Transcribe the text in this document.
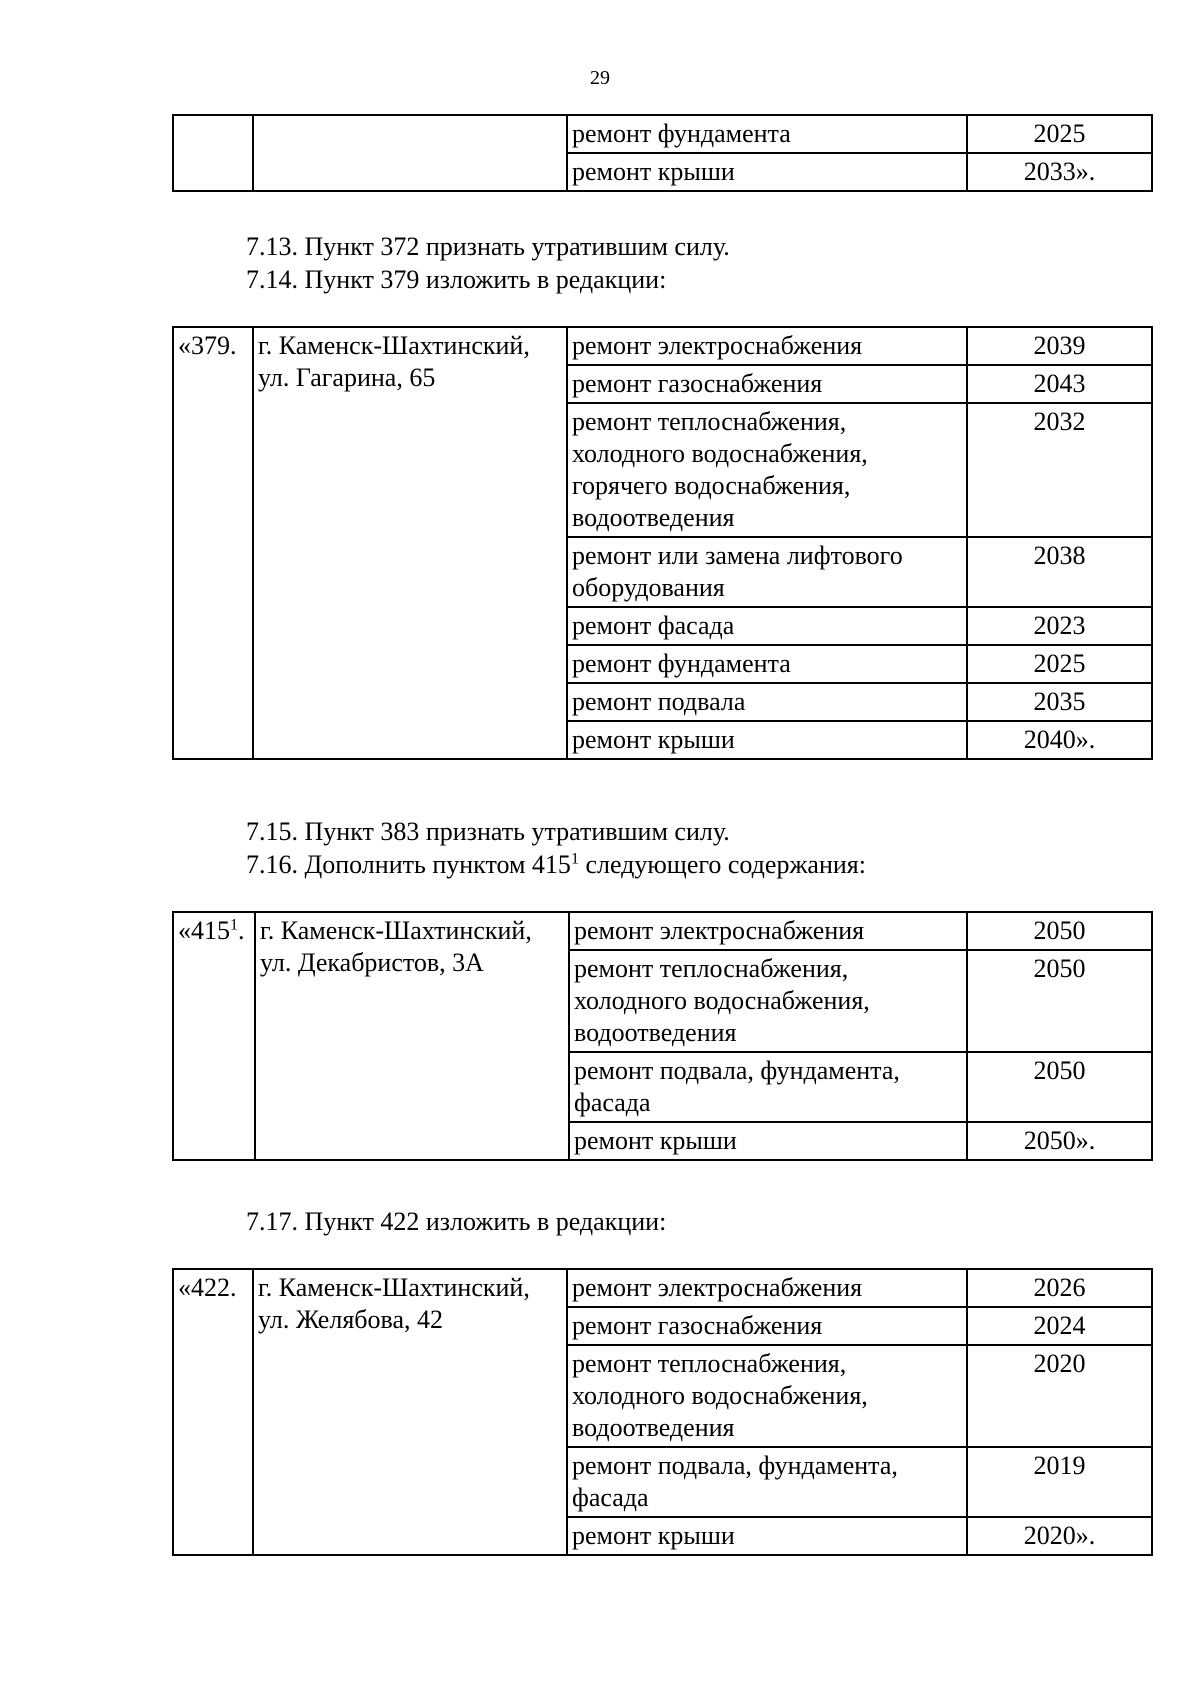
29
		ремонт фундамента	2025
		ремонт крыши	2033».
7.13. Пункт 372 признать утратившим силу.
7.14. Пункт 379 изложить в редакции:
«379.	г. Каменск-Шахтинский, ул. Гагарина, 65	ремонт электроснабжения	2039
		ремонт газоснабжения	2043
		ремонт теплоснабжения, холодного водоснабжения, горячего водоснабжения, водоотведения	2032
		ремонт или замена лифтового оборудования	2038
		ремонт фасада	2023
		ремонт фундамента	2025
		ремонт подвала	2035
		ремонт крыши	2040».
7.15. Пункт 383 признать утратившим силу.
7.16. Дополнить пунктом $415^1$ следующего содержания:
«$415^1$.	г. Каменск-Шахтинский, ул. Декабристов, 3А	ремонт электроснабжения	2050
		ремонт теплоснабжения, холодного водоснабжения, водоотведения	2050
		ремонт подвала, фундамента, фасада	2050
		ремонт крыши	2050».
7.17. Пункт 422 изложить в редакции:
«422.	г. Каменск-Шахтинский, ул. Желябова, 42	ремонт электроснабжения	2026
		ремонт газоснабжения	2024
		ремонт теплоснабжения, холодного водоснабжения, водоотведения	2020
		ремонт подвала, фундамента, фасада	2019
		ремонт крыши	2020».
